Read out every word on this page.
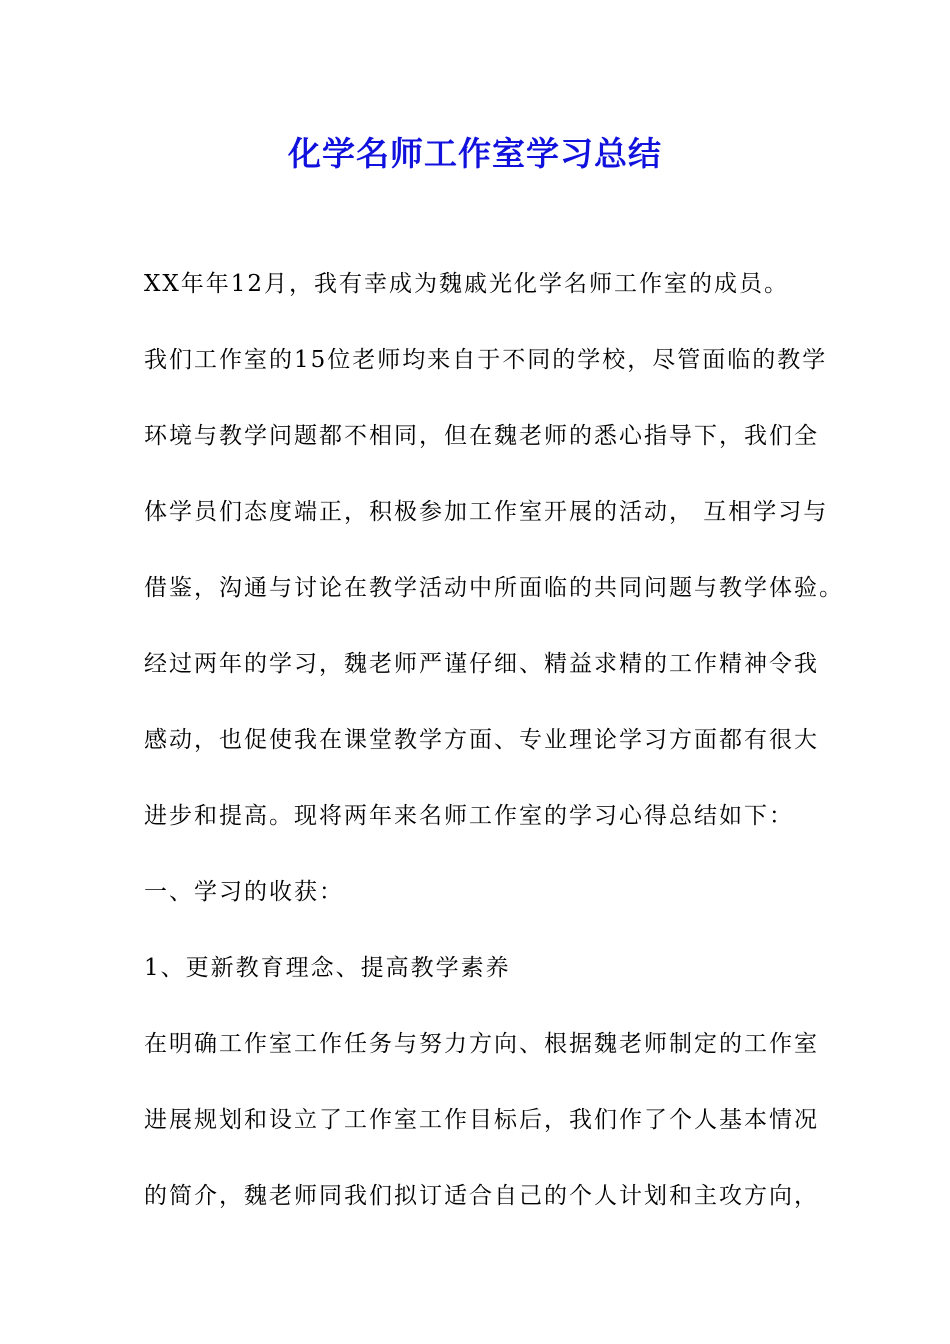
化学名师工作室学习总结
XX年年12月，我有幸成为魏戚光化学名师工作室的成员。
我们工作室的15位老师均来自于不同的学校，尽管面临的教学
环境与教学问题都不相同，但在魏老师的悉心指导下，我们全
体学员们态度端正，积极参加工作室开展的活动， 互相学习与
借鉴，沟通与讨论在教学活动中所面临的共同问题与教学体验。
经过两年的学习，魏老师严谨仔细、精益求精的工作精神令我
感动，也促使我在课堂教学方面、专业理论学习方面都有很大
进步和提高。现将两年来名师工作室的学习心得总结如下：
一、学习的收获：
1、更新教育理念、提高教学素养
在明确工作室工作任务与努力方向、根据魏老师制定的工作室
进展规划和设立了工作室工作目标后，我们作了个人基本情况
的简介，魏老师同我们拟订适合自己的个人计划和主攻方向，
